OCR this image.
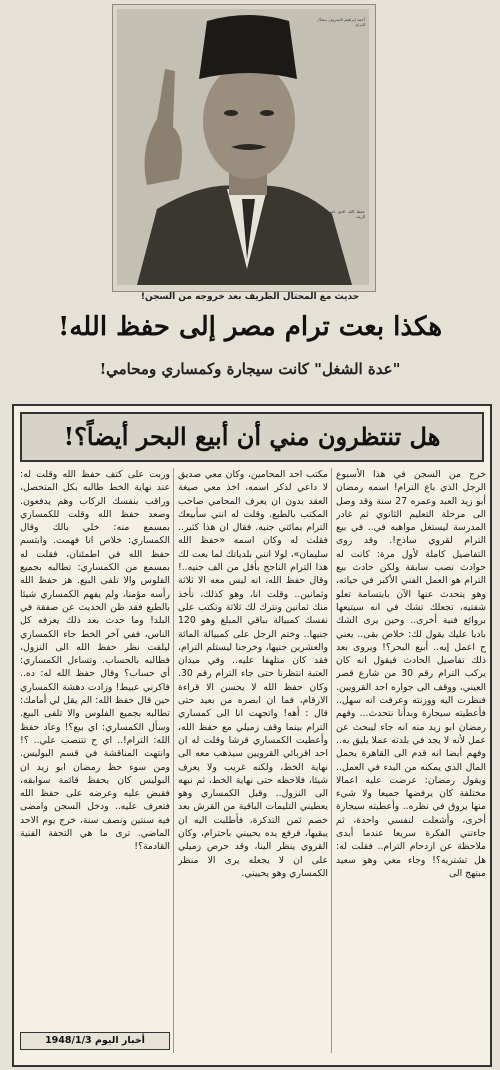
أحمد إبراهيم المعروف بنشال الترام
حفظ الله الذي اشتهر ببيع الترام لأهل الريف
حديث مع المحتال الظريف بعد خروجه من السجن!
هكذا بعت ترام مصر إلى حفظ الله!
"عدة الشغل" كانت سيجارة وكمساري ومحامي!
هل تنتظرون مني أن أبيع البحر أيضاً؟!

خرج من السجن في هذا الأسبوع الرجل الذي باع الترام! اسمه رمضان أبو زيد العبد وعمره 27 سنة وقد وصل الى مرحلة التعليم الثانوي ثم غادر المدرسة ليستغل مواهبه في.. في بيع الترام لقروي ساذج!. وقد روى التفاصيل كاملة لأول مرة: كانت له حوادث نصب سابقة ولكن حادث بيع الترام هو العمل الفني الأكبر في حياته، وهو يتحدث عنها الآن بابتسامة تعلو شفتيه، تجعلك تشك في انه سيتيعها بروائع فنية أخرى.. وحين يرى الشك باديا عليك يقول لك: خلاص بقى.. يعني ح اعمل إيه.. أبيع البحر؟! ويروى بعد ذلك تفاصيل الحادث فيقول انه كان يركب الترام رقم 30 من شارع قصر العيني، ووقف الى جواره احد القرويين. فنظرت اليه ووزنته وعرفت انه سهل.. فأعطيته سيجارة وبدأنا نتحدث... وفهم رمضان ابو زيد منه انه جاء ليبحث عن عمل لأنه لا يجد في بلدته عملا يليق به.. وفهم أيضا انه قدم الى القاهرة يحمل المال الذي يمكنه من البدء في العمل.. ويقول رمضان: عرضت عليه اعمالا مختلفة كان يرفضها جميعا ولا شيء منها يروق في نظره.. وأعطيته سيجارة أخرى، وأشعلت لنفسي واحدة، ثم جاءتني الفكرة سريعا عندما أبدى ملاحظة عن ازدحام الترام.. فقلت له: هل تشتريه؟! وجاء معي وهو سعيد مبتهج الى

مكتب احد المحامين، وكان معي صديق لا داعي لذكر اسمه، اخذ معي صيغة العقد بدون ان يعرف المحامي صاحب المكتب بالطبع. وقلت له انني سأبيعك الترام بمائتي جنيه. فقال ان هذا كثير.. فقلت له وكان اسمه «حفظ الله سليمان»، لولا انني بلدياتك لما بعت لك هذا الترام الناجح بأقل من الف جنيه..! وقال حفظ الله، انه ليس معه الا ثلاثة وثمانين.. وقلت انا، وهو كذلك، نأخذ منك ثمانين ونترك لك ثلاثة وتكتب على نفسك كمبيالة بباقي المبلغ وهو 120 جنيها.. وختم الرجل على كمبيالة المائة والعشرين جنيها، وخرجنا ليستلم الترام، فقد كان متلهفا عليه.. وفي ميدان العتبة انتظرنا حتى جاء الترام رقم 30. وكان حفظ الله لا يحسن الا قراءة الارقام، فما ان ابصره من بعيد حتى قال : أهه! واتجهت انا الى كمساري الترام بينما وقف زميلي مع حفظ الله، وأعطيت الكمساري قرشا وقلت له ان احد اقربائي القرويين سيذهب معه الى نهاية الخط، ولكنه غريب ولا يعرف شيئا، فلاحظه حتى نهاية الخط، ثم نبهه الى النزول.. وقبل الكمساري وهو يعطيني التليمات الباقية من القرش بعد خصم ثمن التذكرة، فأطلبت اليه ان يبقيها، فرفع يده يحييني باحترام، وكان القروي ينظر الينا، وقد حرص زميلي على ان لا يجعله يرى الا منظر الكمساري وهو يحييني.

وربت على كتف حفظ الله وقلت له: عند نهاية الخط طالبه بكل المتحصل، وراقب بنفسك الركاب وهم يدفعون. وصعد حفظ الله وقلت للكمساري بمسمع منه: خلي بالك وقال الكمساري: خلاص انا فهمت. وابتسم حفظ الله في اطمئنان، فقلت له بمسمع من الكمساري: تطالبه بجميع الفلوس والا تلفى البيع. هز حفظ الله رأسه مؤمنا، ولم يفهم الكمساري شيئا بالطبع فقد ظن الحديث عن صفقة في البلد! وما حدث بعد ذلك يعرفه كل الناس، ففي آخر الخط جاء الكمساري ليلفت نظر حفظ الله الى النزول، فطالبه بالحساب. وتساءل الكمساري: أي حساب؟ وقال حفظ الله له: ده.. فاكرني عبيط! وزادت دهشة الكمساري حين قال حفظ الله: الم يقل لي أمامك: تطالبه بجميع الفلوس والا تلفى البيع. وسأل الكمساري: اي بيع؟! وعاد حفظ الله: الترام!.. اي ح تتنصب علي.. ؟! وانتهت المناقشة في قسم البوليس. ومن سوء حظ رمضان ابو زيد ان البوليس كان يحفظ قائمة سوابقه، فقبض عليه وعرضه على حفظ الله فتعرف عليه.. ودخل السجن وامضى فيه سنتين ونصف سنة، خرج يوم الاحد الماضي. ترى ما هي التحفة الفنية القادمة؟!

أخبار اليوم 1948/1/3
